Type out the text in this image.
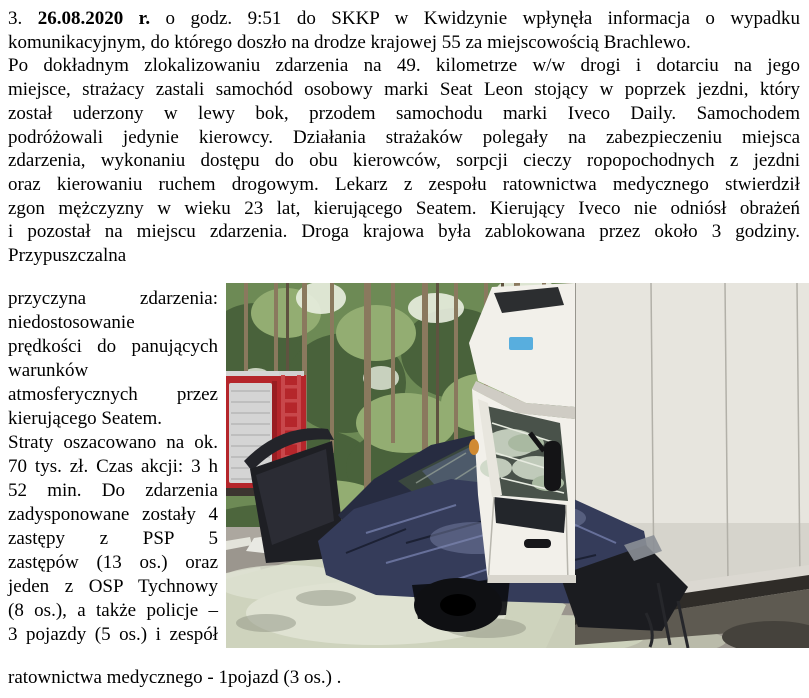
3. 26.08.2020 r. o godz. 9:51 do SKKP w Kwidzynie wpłynęła informacja o wypadku
komunikacyjnym, do którego doszło na drodze krajowej 55 za miejscowością Brachlewo.
Po dokładnym zlokalizowaniu zdarzenia na 49. kilometrze w/w drogi i dotarciu na jego
miejsce, strażacy zastali samochód osobowy marki Seat Leon stojący w poprzek jezdni, który
został uderzony w lewy bok, przodem samochodu marki Iveco Daily. Samochodem
podróżowali jedynie kierowcy. Działania strażaków polegały na zabezpieczeniu miejsca
zdarzenia, wykonaniu dostępu do obu kierowców, sorpcji cieczy ropopochodnych z jezdni
oraz kierowaniu ruchem drogowym. Lekarz z zespołu ratownictwa medycznego stwierdził
zgon mężczyzny w wieku 23 lat, kierującego Seatem. Kierujący Iveco nie odniósł obrażeń
i pozostał na miejscu zdarzenia. Droga krajowa była zablokowana przez około 3 godziny.
Przypuszczalna
przyczyna zdarzenia:
niedostosowanie
prędkości do panujących
warunków
atmosferycznych przez
kierującego Seatem.
Straty oszacowano na ok.
70 tys. zł. Czas akcji: 3 h
52 min. Do zdarzenia
zadysponowane zostały 4
zastępy z PSP 5
zastępów (13 os.) oraz
jeden z OSP Tychnowy
(8 os.), a także policje –
3 pojazdy (5 os.) i zespół
ratownictwa medycznego - 1pojazd (3 os.) .
